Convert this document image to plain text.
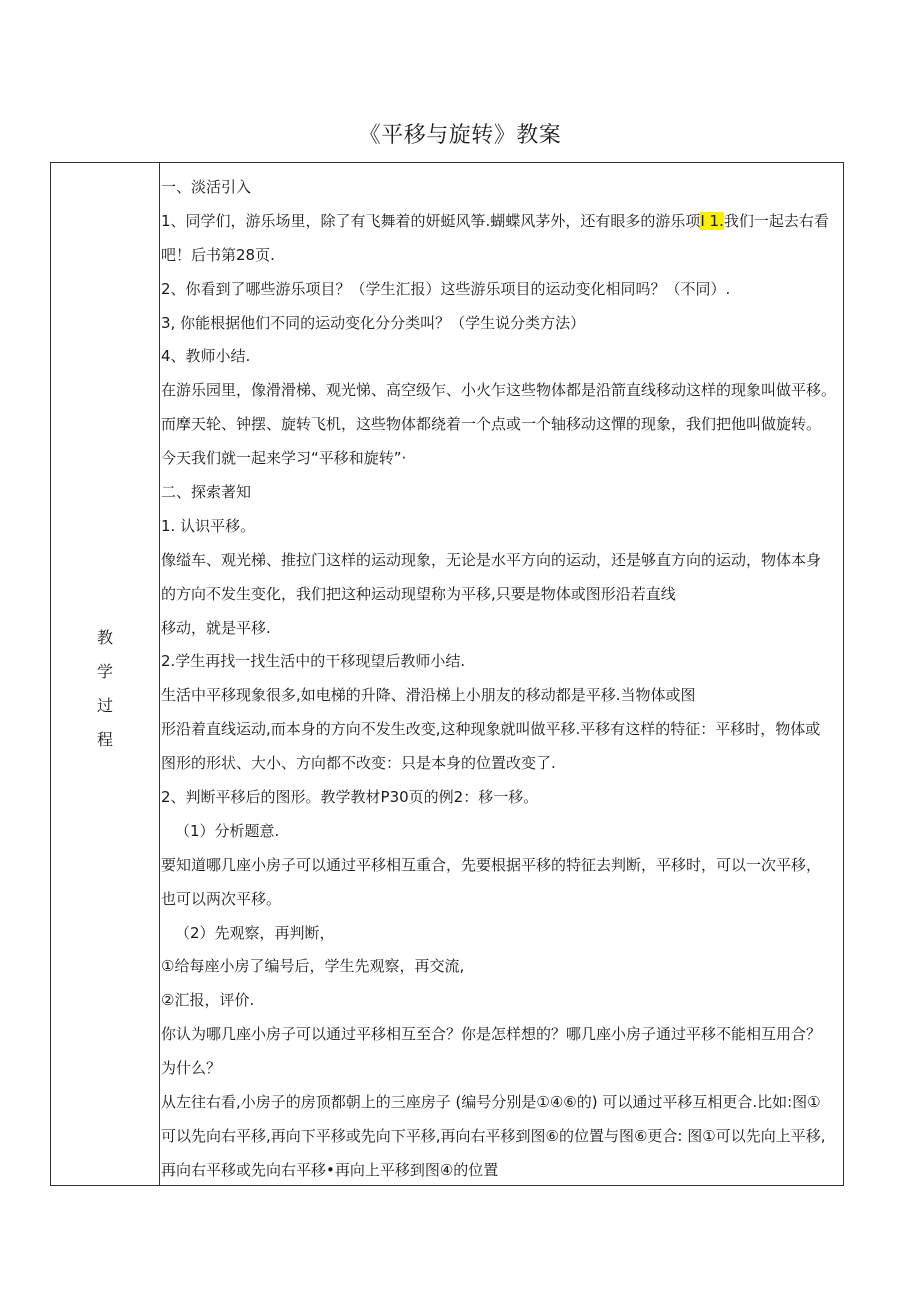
《平移与旋转》教案
教
学
过
程
一、淡活引入
1、同学们，游乐场里，除了有飞舞着的妍蜓风筝.蝴蝶风茅外，还有眼多的游乐项I 1.我们一起去右看
吧！后书第28页.
2、你看到了哪些游乐项目？（学生汇报）这些游乐项目的运动变化相同吗？（不同）.
3, 你能根据他们不同的运动变化分分类叫？（学生说分类方法）
4、教师小结.
在游乐园里，像滑滑梯、观光悌、高空级乍、小火乍这些物体都是沿箭直线移动这样的现象叫做平移。
而摩天轮、钟摆、旋转飞机，这些物体都绕着一个点或一个轴移动这憚的现象，我们把他叫做旋转。
今天我们就一起来学习“平移和旋转”·
二、探索著知
1. 认识平移。
像缢车、观光梯、推拉门这样的运动现象，无论是水平方向的运动，还是够直方向的运动，物体本身
的方向不发生变化，我们把这种运动现望称为平移,只要是物体或图形沿若直线
移动，就是平移.
2.学生再找一找生活中的干移现望后教师小结.
生活中平移现象很多,如电梯的升降、滑沿梯上小朋友的移动都是平移.当物体或图
形沿着直线运动,而本身的方向不发生改变,这种现象就叫做平移.平移有这样的特征：平移时，物体或
图形的形状、大小、方向都不改变：只是本身的位置改变了.
2、判断平移后的图形。教学教材P30页的例2：移一移。
（1）分析题意.
要知道哪几座小房子可以通过平移相互重合，先要根据平移的特征去判断，平移时，可以一次平移，
也可以两次平移。
（2）先观察，再判断，
①给每座小房了编号后，学生先观察，再交流,
②汇报，评价.
你认为哪几座小房子可以通过平移相互至合？你是怎样想的？哪几座小房子通过平移不能相互用合？
为什么？
从左往右看,小房子的房顶都朝上的三座房子 (编号分别是①④⑥的) 可以通过平移互相更合.比如:图①
可以先向右平移,再向下平移或先向下平移,再向右平移到图⑥的位置与图⑥更合: 图①可以先向上平移,
再向右平移或先向右平移•再向上平移到图④的位置
